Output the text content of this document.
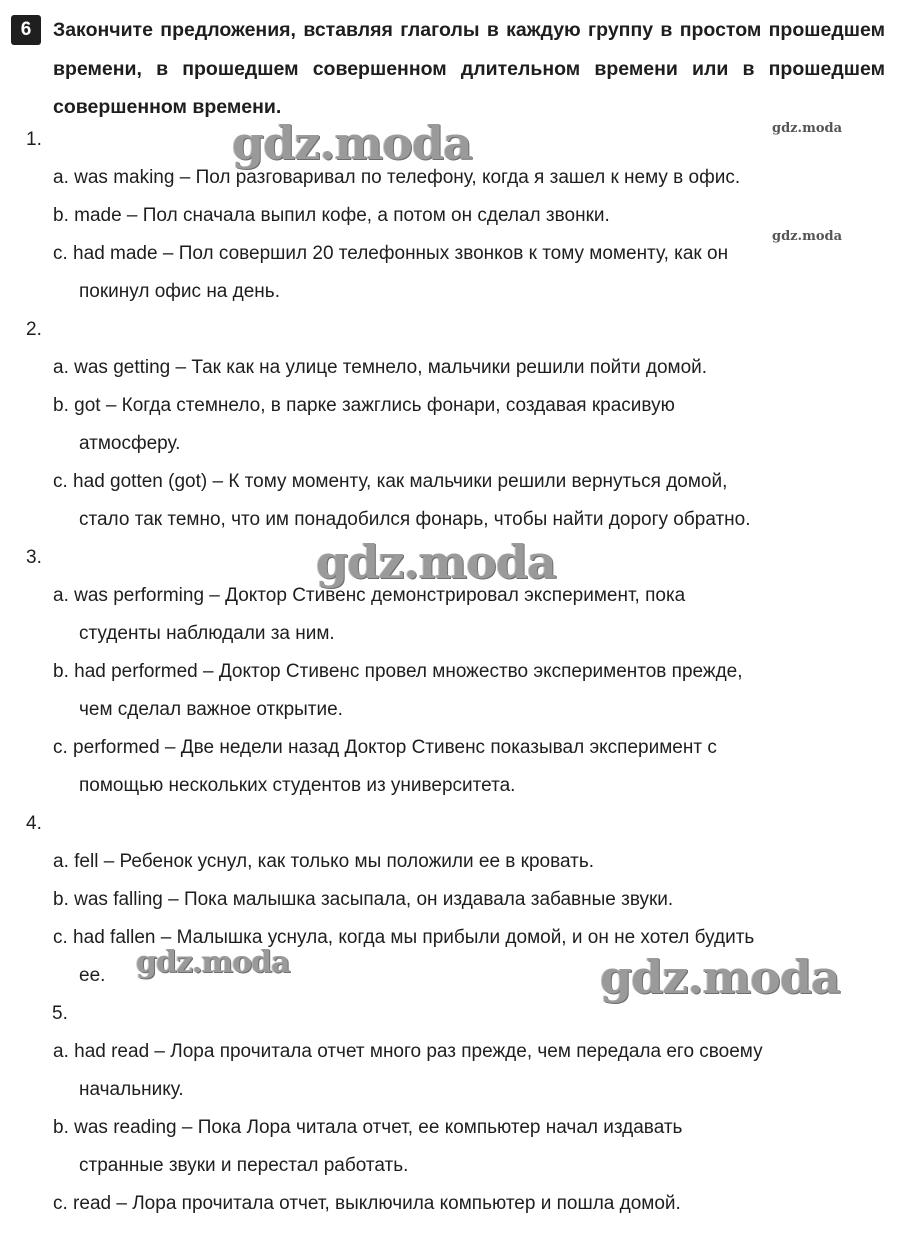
6	Закончите предложения, вставляя глаголы в каждую группу в простом прошедшем времени, в прошедшем совершенном длительном времени или в прошедшем совершенном времени.
1.
a. was making – Пол разговаривал по телефону, когда я зашел к нему в офис.
b. made – Пол сначала выпил кофе, а потом он сделал звонки.
c. had made – Пол совершил 20 телефонных звонков к тому моменту, как он
покинул офис на день.
2.
a. was getting – Так как на улице темнело, мальчики решили пойти домой.
b. got – Когда стемнело, в парке зажглись фонари, создавая красивую
атмосферу.
c. had gotten (got) – К тому моменту, как мальчики решили вернуться домой,
стало так темно, что им понадобился фонарь, чтобы найти дорогу обратно.
3.
a. was performing – Доктор Стивенс демонстрировал эксперимент, пока
студенты наблюдали за ним.
b. had performed – Доктор Стивенс провел множество экспериментов прежде,
чем сделал важное открытие.
c. performed – Две недели назад Доктор Стивенс показывал эксперимент с
помощью нескольких студентов из университета.
4.
a. fell – Ребенок уснул, как только мы положили ее в кровать.
b. was falling – Пока малышка засыпала, он издавала забавные звуки.
c. had fallen – Малышка уснула, когда мы прибыли домой, и он не хотел будить
ее.
5.
a. had read – Лора прочитала отчет много раз прежде, чем передала его своему
начальнику.
b. was reading – Пока Лора читала отчет, ее компьютер начал издавать
странные звуки и перестал работать.
c. read – Лора прочитала отчет, выключила компьютер и пошла домой.
gdz.moda	gdz.moda
gdz.moda
gdz.moda
gdz.moda	gdz.moda
